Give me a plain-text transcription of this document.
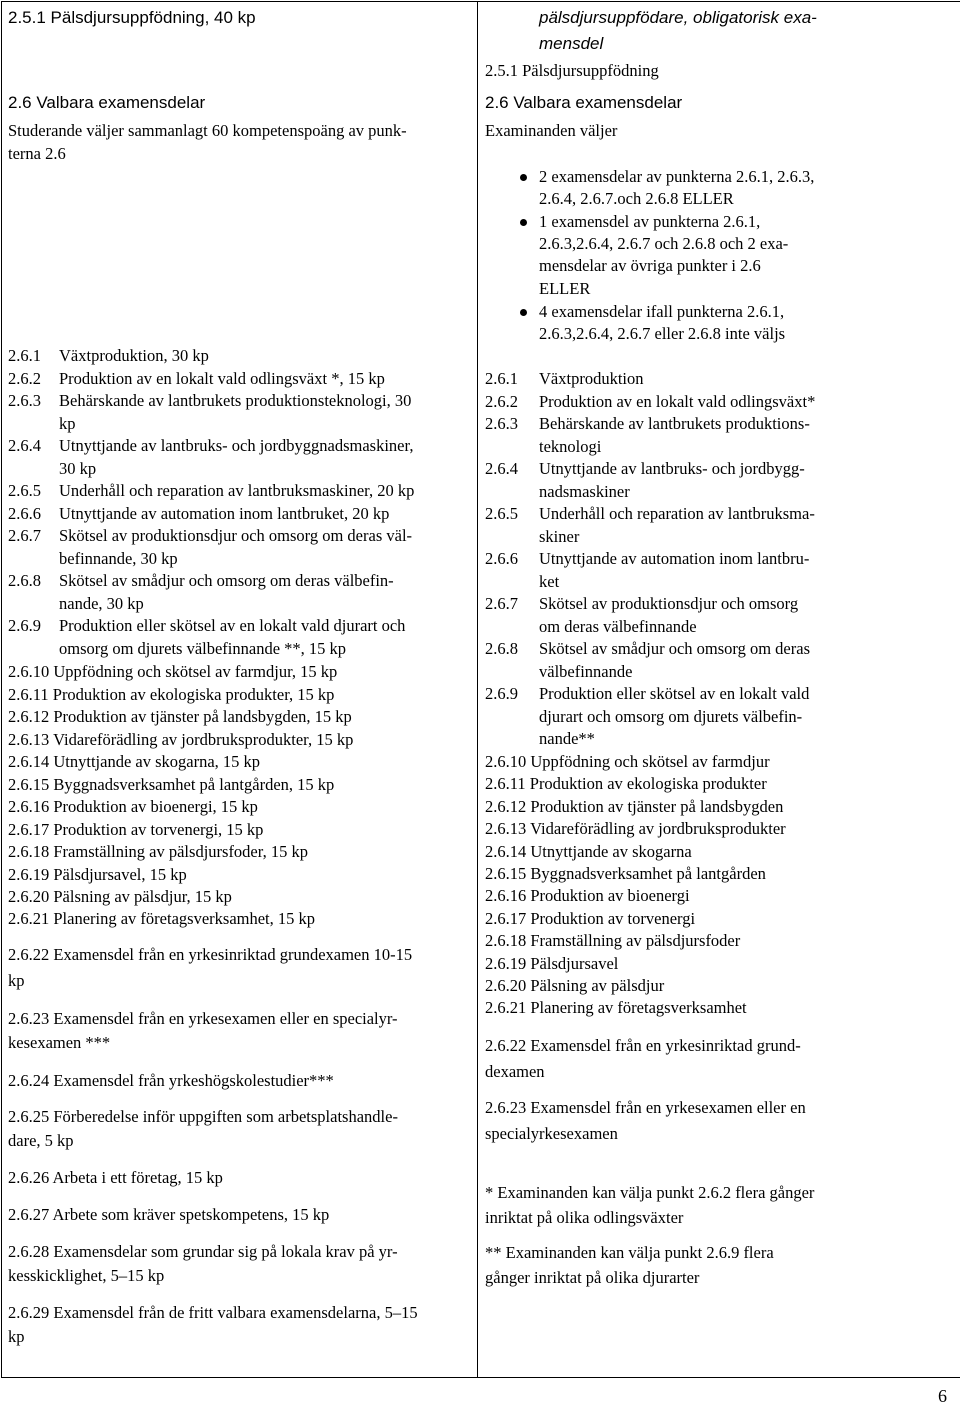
2.5.1 Pälsdjursuppfödning, 40 kp
2.6 Valbara examensdelar
Studerande väljer sammanlagt 60 kompetenspoäng av punk-
terna 2.6
2.6.1 Växtproduktion, 30 kp
2.6.2 Produktion av en lokalt vald odlingsväxt *, 15 kp
2.6.3 Behärskande av lantbrukets produktionsteknologi, 30
kp
2.6.4 Utnyttjande av lantbruks- och jordbyggnadsmaskiner,
30 kp
2.6.5 Underhåll och reparation av lantbruksmaskiner, 20 kp
2.6.6 Utnyttjande av automation inom lantbruket, 20 kp
2.6.7 Skötsel av produktionsdjur och omsorg om deras väl-
befinnande, 30 kp
2.6.8 Skötsel av smådjur och omsorg om deras välbefin-
nande, 30 kp
2.6.9 Produktion eller skötsel av en lokalt vald djurart och
omsorg om djurets välbefinnande **, 15 kp
2.6.10 Uppfödning och skötsel av farmdjur, 15 kp
2.6.11 Produktion av ekologiska produkter, 15 kp
2.6.12 Produktion av tjänster på landsbygden, 15 kp
2.6.13 Vidareförädling av jordbruksprodukter, 15 kp
2.6.14 Utnyttjande av skogarna, 15 kp
2.6.15 Byggnadsverksamhet på lantgården, 15 kp
2.6.16 Produktion av bioenergi, 15 kp
2.6.17 Produktion av torvenergi, 15 kp
2.6.18 Framställning av pälsdjursfoder, 15 kp
2.6.19 Pälsdjursavel, 15 kp
2.6.20 Pälsning av pälsdjur, 15 kp
2.6.21 Planering av företagsverksamhet, 15 kp
2.6.22 Examensdel från en yrkesinriktad grundexamen 10-15
kp
2.6.23 Examensdel från en yrkesexamen eller en specialyr-
kesexamen ***
2.6.24 Examensdel från yrkeshögskolestudier***
2.6.25 Förberedelse inför uppgiften som arbetsplatshandle-
dare, 5 kp
2.6.26 Arbeta i ett företag, 15 kp
2.6.27 Arbete som kräver spetskompetens, 15 kp
2.6.28 Examensdelar som grundar sig på lokala krav på yr-
kesskicklighet, 5–15 kp
2.6.29 Examensdel från de fritt valbara examensdelarna, 5–15
kp
pälsdjursuppfödare, obligatorisk exa-
mensdel
2.5.1 Pälsdjursuppfödning
2.6 Valbara examensdelar
Examinanden väljer
2 examensdelar av punkterna 2.6.1, 2.6.3,
2.6.4, 2.6.7.och 2.6.8 ELLER
1 examensdel av punkterna 2.6.1,
2.6.3,2.6.4, 2.6.7 och 2.6.8 och 2 exa-
mensdelar av övriga punkter i 2.6
ELLER
4 examensdelar ifall punkterna 2.6.1,
2.6.3,2.6.4, 2.6.7 eller 2.6.8 inte väljs
2.6.1 Växtproduktion
2.6.2 Produktion av en lokalt vald odlingsväxt*
2.6.3 Behärskande av lantbrukets produktions-
teknologi
2.6.4 Utnyttjande av lantbruks- och jordbygg-
nadsmaskiner
2.6.5 Underhåll och reparation av lantbruksma-
skiner
2.6.6 Utnyttjande av automation inom lantbru-
ket
2.6.7 Skötsel av produktionsdjur och omsorg
om deras välbefinnande
2.6.8 Skötsel av smådjur och omsorg om deras
välbefinnande
2.6.9 Produktion eller skötsel av en lokalt vald
djurart och omsorg om djurets välbefin-
nande**
2.6.10 Uppfödning och skötsel av farmdjur
2.6.11 Produktion av ekologiska produkter
2.6.12 Produktion av tjänster på landsbygden
2.6.13 Vidareförädling av jordbruksprodukter
2.6.14 Utnyttjande av skogarna
2.6.15 Byggnadsverksamhet på lantgården
2.6.16 Produktion av bioenergi
2.6.17 Produktion av torvenergi
2.6.18 Framställning av pälsdjursfoder
2.6.19 Pälsdjursavel
2.6.20 Pälsning av pälsdjur
2.6.21 Planering av företagsverksamhet
2.6.22 Examensdel från en yrkesinriktad grund-
dexamen
2.6.23 Examensdel från en yrkesexamen eller en
specialyrkesexamen
* Examinanden kan välja punkt 2.6.2 flera gånger
inriktat på olika odlingsväxter
** Examinanden kan välja punkt 2.6.9 flera
gånger inriktat på olika djurarter
6
